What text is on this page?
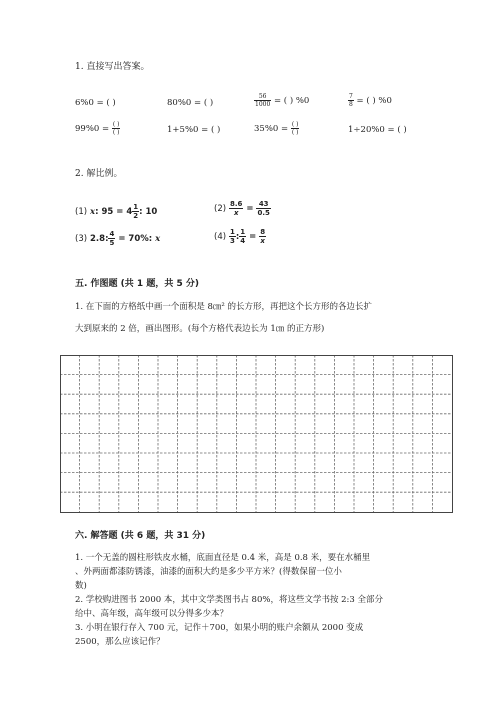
1. 直接写出答案。
6%0 = ( )	80%0 = ( )	$\frac{56}{1000}$ = ( ) %0	$\frac{7}{8}$ = ( ) %0
$99\%0 = \frac{( )}{( )}$	1+5%0 = ( )	$35\%0 = \frac{( )}{( )}$	1÷20%0 = ( )
2. 解比例。
(1) x: $95 = 4 \frac{1}{2}$ : 10	$(2) \frac{8.6}{x} = \frac{43}{0.5}$
(3) 2.8: $\frac{4}{5} = 70\%$: x	$(4) \frac{1}{3}$ : $\frac{1}{4} = \frac{8}{x}$
五. 作图题 (共 1 题，共 5 分)
1. 在下面的方格纸中画一个面积是 8㎝² 的长方形，再把这个长方形的各边长扩
大到原来的 2 倍，画出图形。(每个方格代表边长为 1㎝ 的正方形)
六. 解答题 (共 6 题，共 31 分)
1. 一个无盖的圆柱形铁皮水桶，底面直径是 0.4 米，高是 0.8 米，要在水桶里
、外两面都漆防锈漆，油漆的面积大约是多少平方米？(得数保留一位小
数)
2. 学校购进图书 2000 本，其中文学类图书占 80%，将这些文学书按 2:3 全部分
给中、高年级，高年级可以分得多少本？
3. 小明在银行存入 700 元，记作＋700，如果小明的账户余额从 2000 变成
2500，那么应该记作？
